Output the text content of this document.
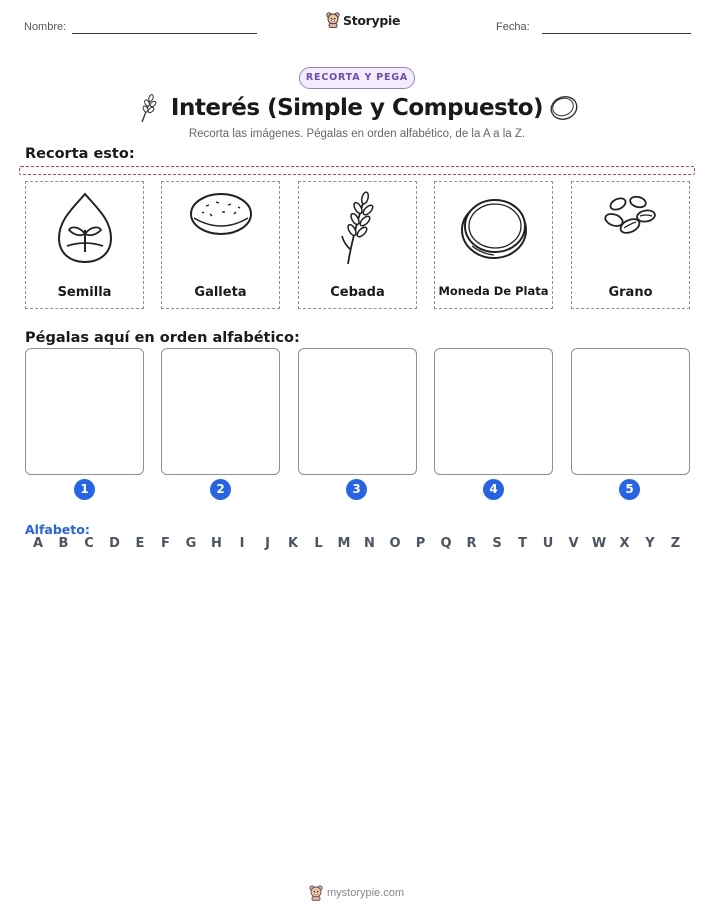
Nombre:	Storypie	Fecha:
RECORTA Y PEGA
Interés (Simple y Compuesto)
Recorta las imágenes. Pégalas en orden alfabético, de la A a la Z.
Recorta esto:
Semilla	Galleta	Cebada	Moneda De Plata	Grano
Pégalas aquí en orden alfabético:
1	2	3	4	5
Alfabeto:
A	B	C	D	E	F	G	H	I	J	K	L	M	N	O	P	Q	R	S	T	U	V	W	X	Y	Z
mystorypie.com
